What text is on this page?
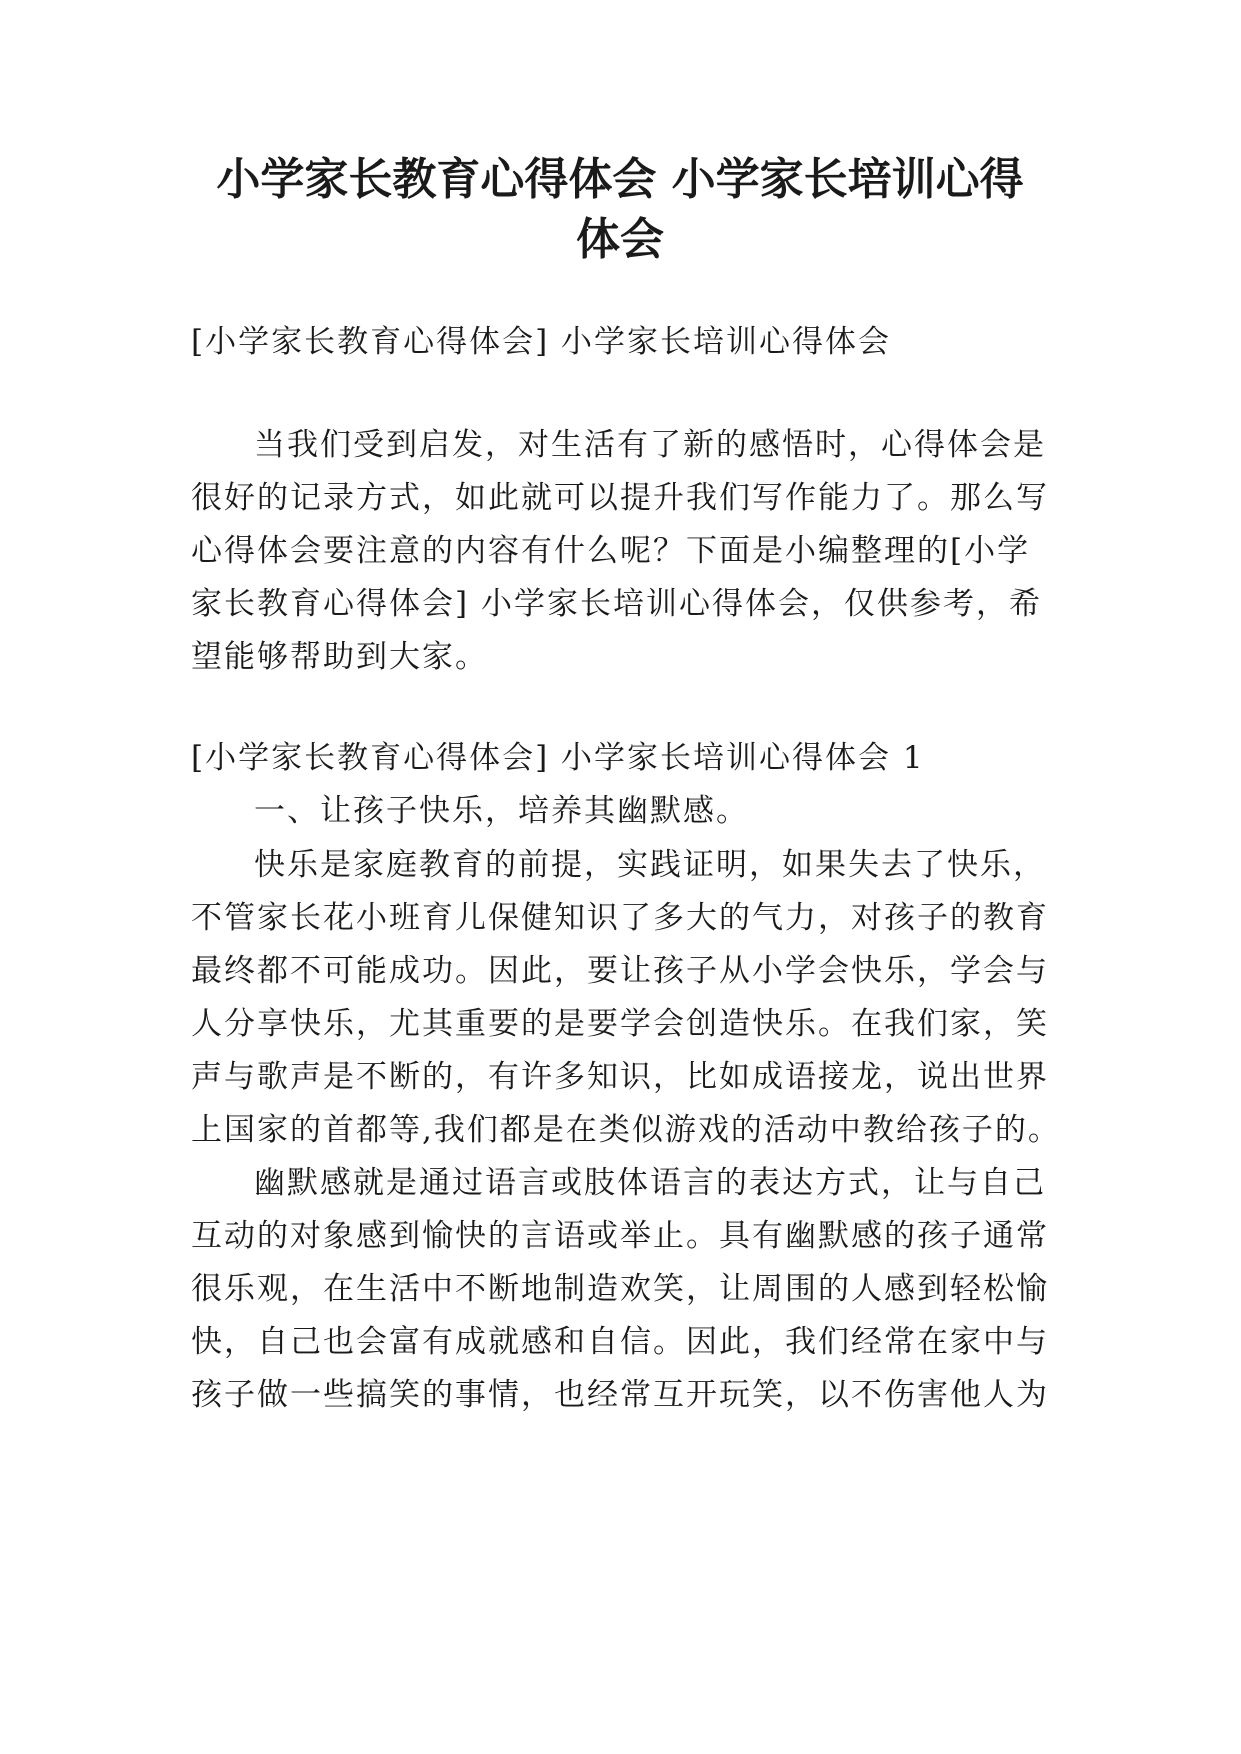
小学家长教育心得体会 小学家长培训心得
体会
[小学家长教育心得体会] 小学家长培训心得体会
当我们受到启发，对生活有了新的感悟时，心得体会是
很好的记录方式，如此就可以提升我们写作能力了。那么写
心得体会要注意的内容有什么呢？下面是小编整理的[小学
家长教育心得体会] 小学家长培训心得体会，仅供参考，希
望能够帮助到大家。
[小学家长教育心得体会] 小学家长培训心得体会 1
一、让孩子快乐，培养其幽默感。
快乐是家庭教育的前提，实践证明，如果失去了快乐，
不管家长花小班育儿保健知识了多大的气力，对孩子的教育
最终都不可能成功。因此，要让孩子从小学会快乐，学会与
人分享快乐，尤其重要的是要学会创造快乐。在我们家，笑
声与歌声是不断的，有许多知识，比如成语接龙，说出世界
上国家的首都等,我们都是在类似游戏的活动中教给孩子的。
幽默感就是通过语言或肢体语言的表达方式，让与自己
互动的对象感到愉快的言语或举止。具有幽默感的孩子通常
很乐观，在生活中不断地制造欢笑，让周围的人感到轻松愉
快，自己也会富有成就感和自信。因此，我们经常在家中与
孩子做一些搞笑的事情，也经常互开玩笑，以不伤害他人为
